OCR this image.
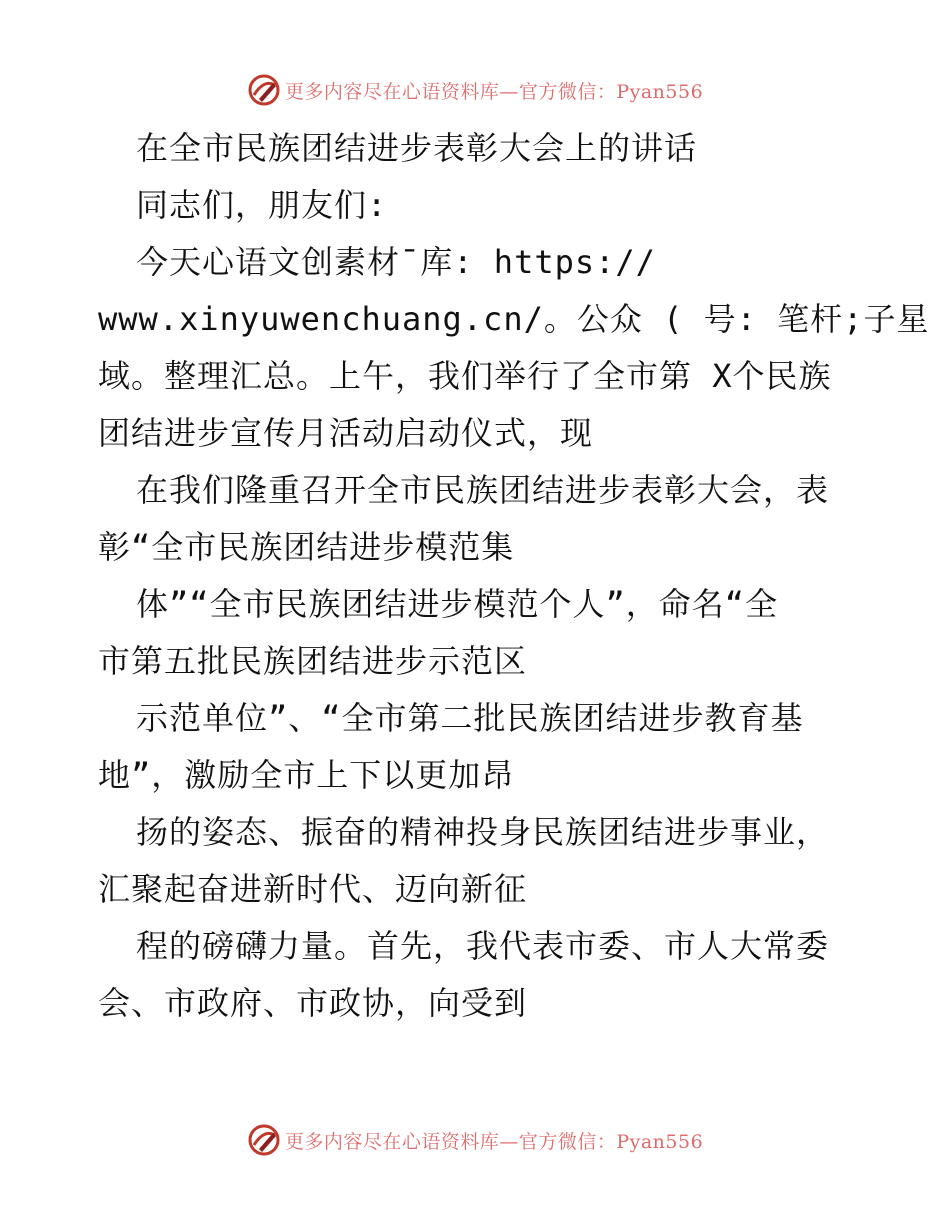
更多内容尽在心语资料库—官方微信：Pyan556
在全市民族团结进步表彰大会上的讲话
同志们，朋友们:
今天心语文创素材¯库: https://
www.xinyuwenchuang.cn/。公众 ( 号: 笔杆;子星
域。整理汇总。上午，我们举行了全市第 X个民族
团结进步宣传月活动启动仪式，现
在我们隆重召开全市民族团结进步表彰大会，表
彰“全市民族团结进步模范集
体”“全市民族团结进步模范个人”，命名“全
市第五批民族团结进步示范区
示范单位”、“全市第二批民族团结进步教育基
地”，激励全市上下以更加昂
扬的姿态、振奋的精神投身民族团结进步事业，
汇聚起奋进新时代、迈向新征
程的磅礴力量。首先，我代表市委、市人大常委
会、市政府、市政协，向受到
更多内容尽在心语资料库—官方微信：Pyan556
